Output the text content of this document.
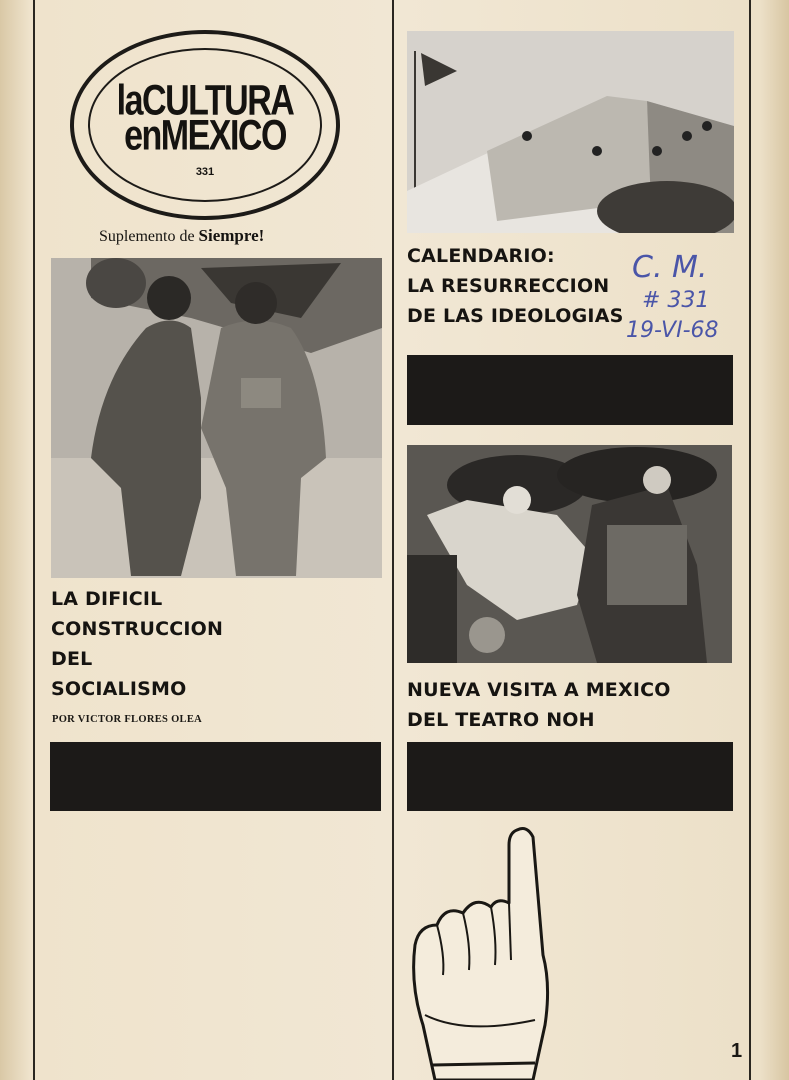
laCULTURA
enMEXICO
331
Suplemento de Siempre!
LA DIFICIL
CONSTRUCCION
DEL
SOCIALISMO
POR VICTOR FLORES OLEA
CALENDARIO:
LA RESURRECCION
DE LAS IDEOLOGIAS
C. M.
# 331
19-VI-68
NUEVA VISITA A MEXICO
DEL TEATRO NOH
1
